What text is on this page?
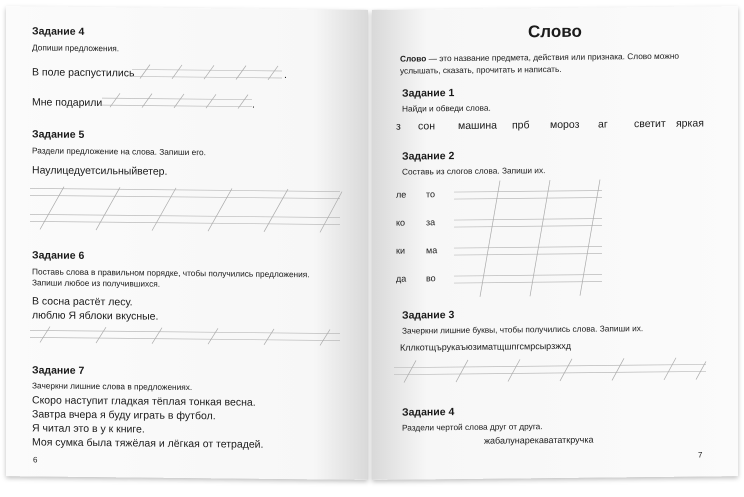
Задание 4
Допиши предложения.
В поле распустились	.
Мне подарили	.
Задание 5
Раздели предложение на слова. Запиши его.
Наулицедуетсильныйветер.
Задание 6
Поставь слова в правильном порядке, чтобы получились предложения.
Запиши любое из получившихся.
В сосна растёт лесу.
люблю Я яблоки вкусные.
Задание 7
Зачеркни лишние слова в предложениях.
Скоро наступит гладкая тёплая тонкая весна.
Завтра вчера я буду играть в футбол.
Я читал это в у к книге.
Моя сумка была тяжёлая и лёгкая от тетрадей.
6
Слово
Слово — это название предмета, действия или признака. Слово можно
услышать, сказать, прочитать и написать.
Задание 1
Найди и обведи слова.
з сон машина прб мороз аг	светит яркая
Задание 2
Составь из слогов слова. Запиши их.
ле то
ко за
ки ма
да во
Задание 3
Зачеркни лишние буквы, чтобы получились слова. Запиши их.
Кллкотщърукаъюзиматщшпгсмрсырзжхд
Задание 4
Раздели чертой слова друг от друга.
жабалунарекавататкручка
7
